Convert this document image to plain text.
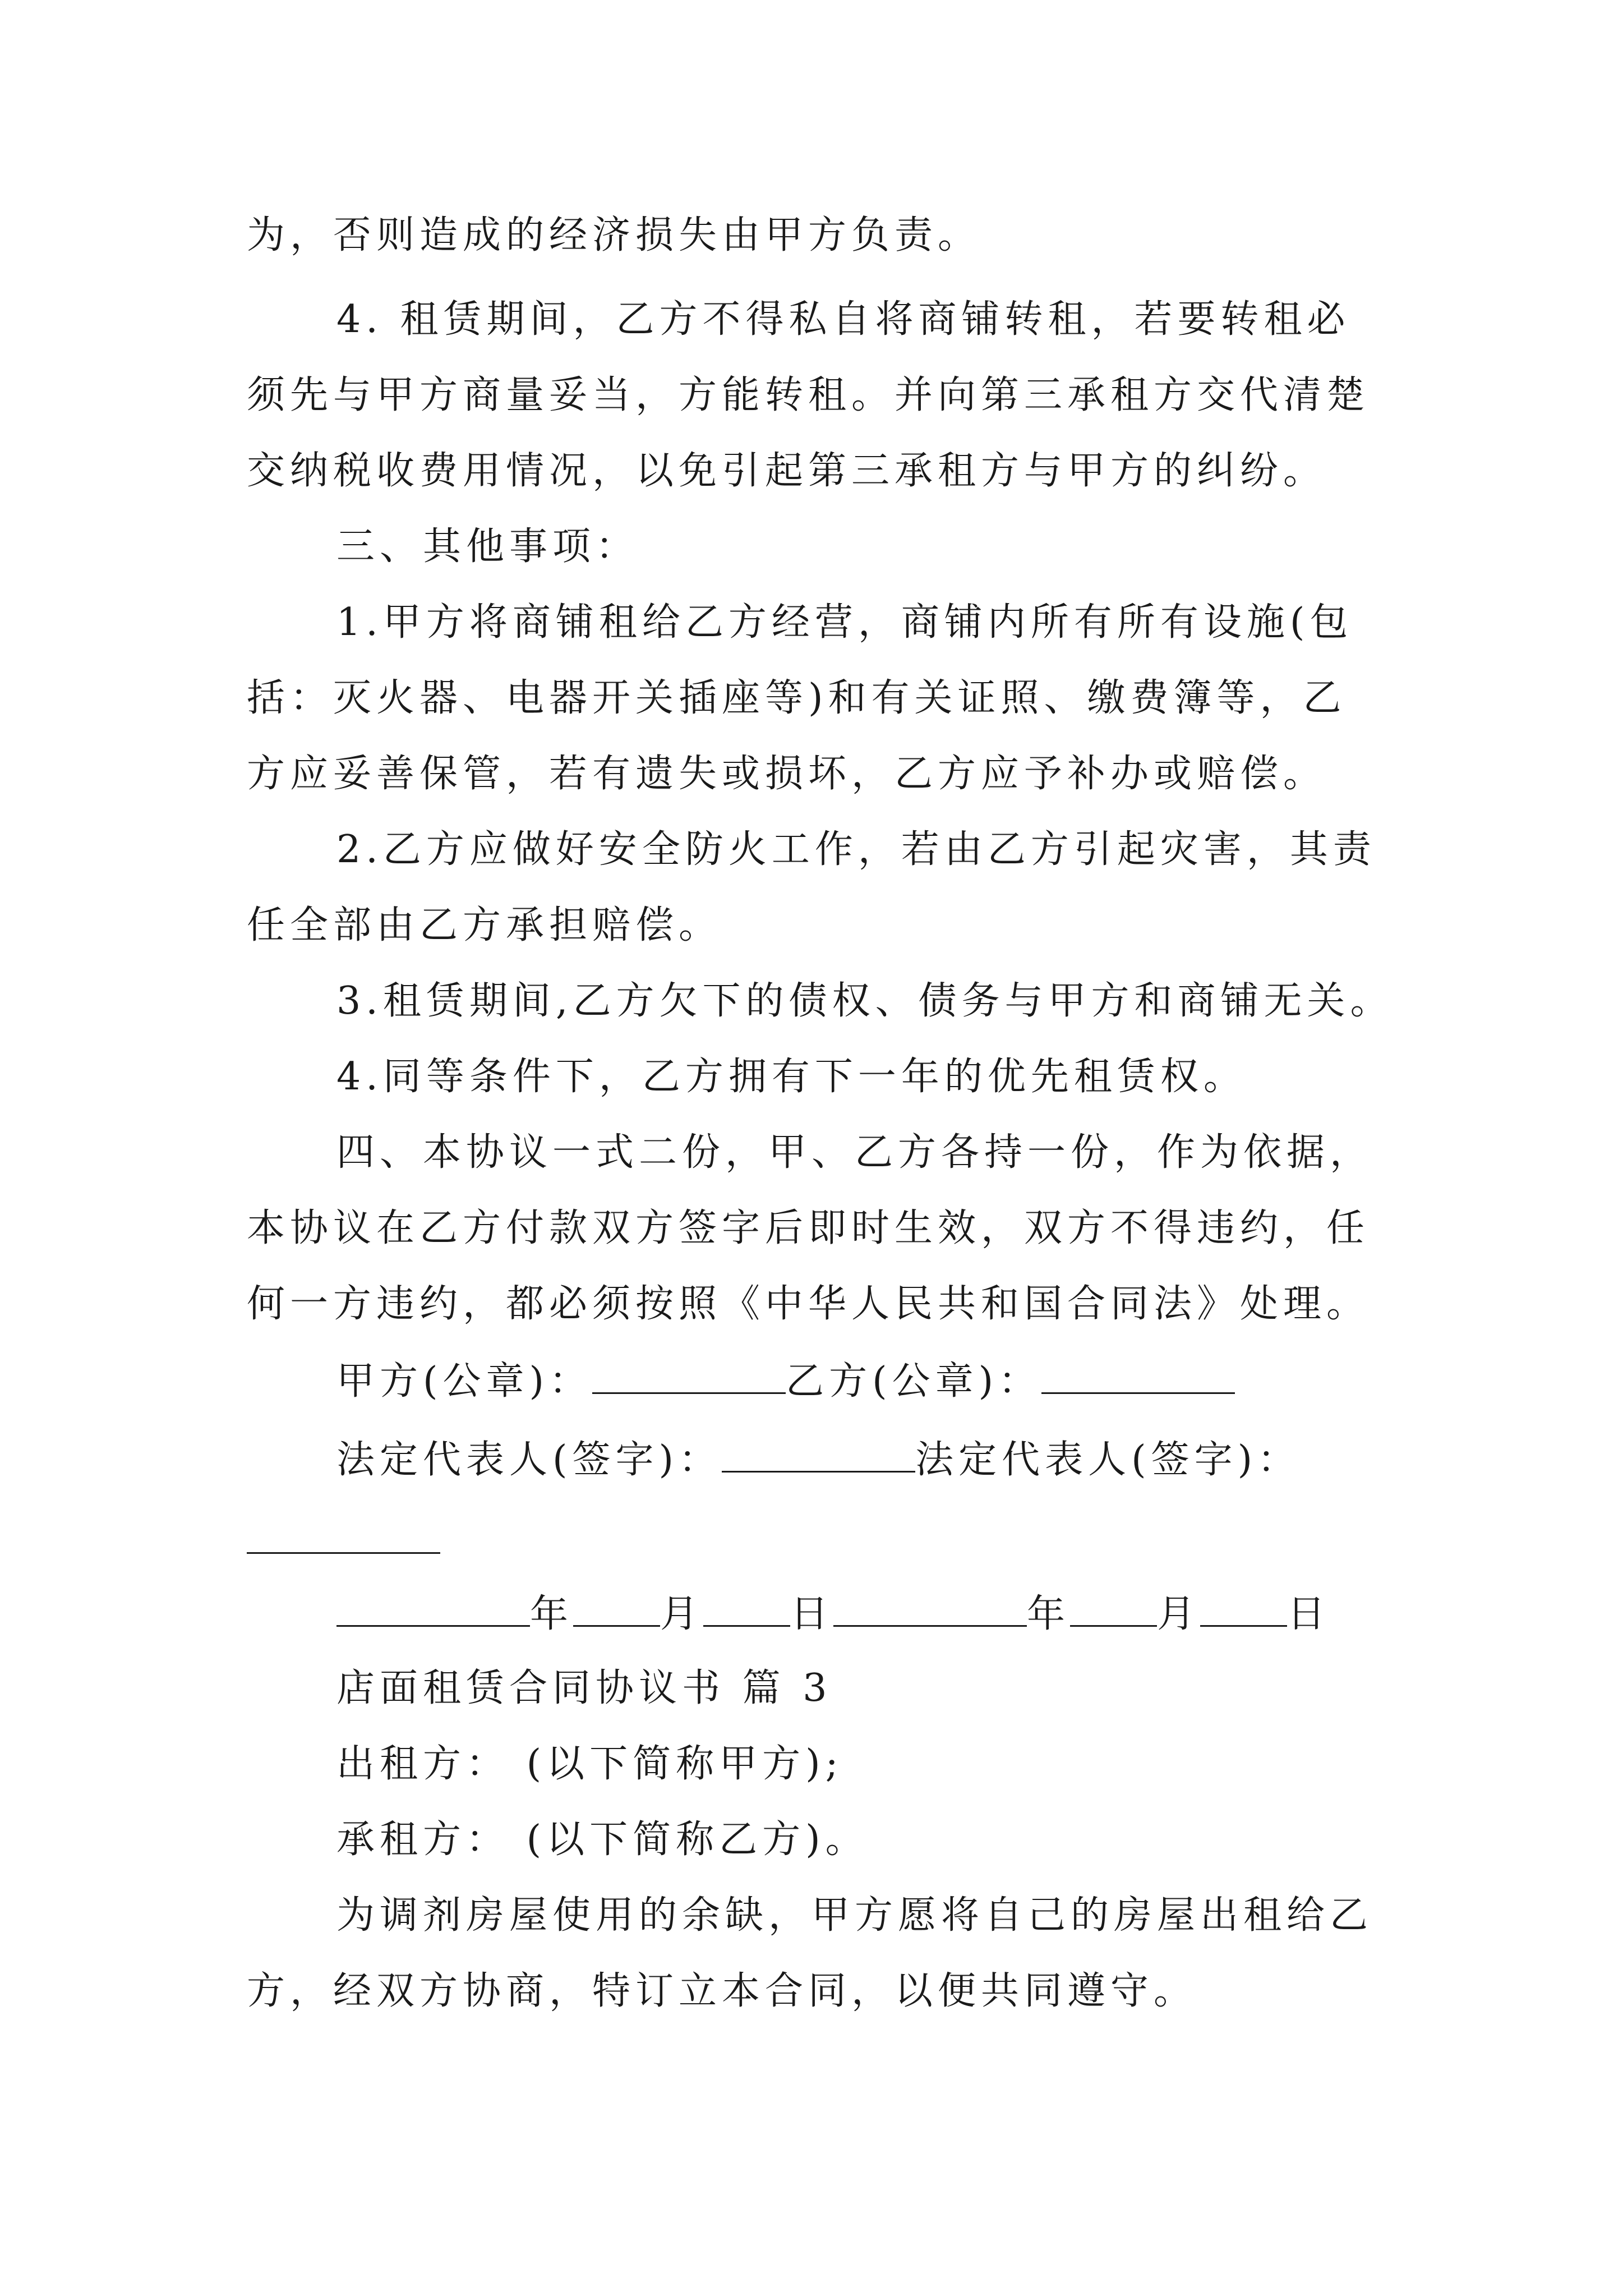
为，否则造成的经济损失由甲方负责。
4. 租赁期间，乙方不得私自将商铺转租，若要转租必
须先与甲方商量妥当，方能转租。并向第三承租方交代清楚
交纳税收费用情况，以免引起第三承租方与甲方的纠纷。
三、其他事项：
1.甲方将商铺租给乙方经营，商铺内所有所有设施(包
括：灭火器、电器开关插座等)和有关证照、缴费簿等，乙
方应妥善保管，若有遗失或损坏，乙方应予补办或赔偿。
2.乙方应做好安全防火工作，若由乙方引起灾害，其责
任全部由乙方承担赔偿。
3.租赁期间,乙方欠下的债权、债务与甲方和商铺无关。
4.同等条件下，乙方拥有下一年的优先租赁权。
四、本协议一式二份，甲、乙方各持一份，作为依据，
本协议在乙方付款双方签字后即时生效，双方不得违约，任
何一方违约，都必须按照《中华人民共和国合同法》处理。
甲方(公章)：	乙方(公章)：
法定代表人(签字)：	法定代表人(签字)：
年 月 日	年 月 日
店面租赁合同协议书 篇 3
出租方： (以下简称甲方);
承租方： (以下简称乙方)。
为调剂房屋使用的余缺，甲方愿将自己的房屋出租给乙
方，经双方协商，特订立本合同，以便共同遵守。
